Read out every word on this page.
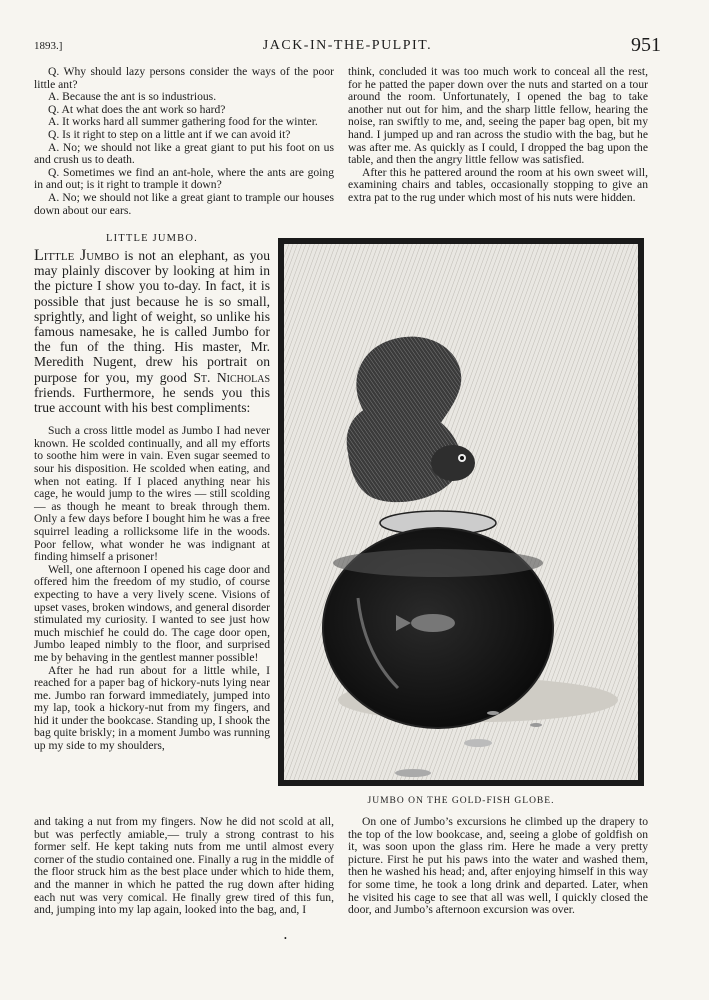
1893.]	JACK-IN-THE-PULPIT.	951

Q. Why should lazy persons consider the ways of the poor little ant?

A. Because the ant is so industrious.

Q. At what does the ant work so hard?

A. It works hard all summer gathering food for the winter.

Q. Is it right to step on a little ant if we can avoid it?

A. No; we should not like a great giant to put his foot on us and crush us to death.

Q. Sometimes we find an ant-hole, where the ants are going in and out; is it right to trample it down?

A. No; we should not like a great giant to trample our houses down about our ears.

think, concluded it was too much work to conceal all the rest, for he patted the paper down over the nuts and started on a tour around the room. Unfortunately, I opened the bag to take another nut out for him, and the sharp little fellow, hearing the noise, ran swiftly to me, and, seeing the paper bag open, bit my hand. I jumped up and ran across the studio with the bag, but he was after me. As quickly as I could, I dropped the bag upon the table, and then the angry little fellow was satisfied.

After this he pattered around the room at his own sweet will, examining chairs and tables, occasionally stopping to give an extra pat to the rug under which most of his nuts were hidden.

LITTLE JUMBO.

Little Jumbo is not an elephant, as you may plainly discover by looking at him in the picture I show you to-day. In fact, it is possible that just because he is so small, sprightly, and light of weight, so unlike his famous namesake, he is called Jumbo for the fun of the thing. His master, Mr. Meredith Nugent, drew his portrait on purpose for you, my good St. Nicholas friends. Furthermore, he sends you this true account with his best compliments:

Such a cross little model as Jumbo I had never known. He scolded continually, and all my efforts to soothe him were in vain. Even sugar seemed to sour his disposition. He scolded when eating, and when not eating. If I placed anything near his cage, he would jump to the wires — still scolding — as though he meant to break through them. Only a few days before I bought him he was a free squirrel leading a rollicksome life in the woods. Poor fellow, what wonder he was indignant at finding himself a prisoner!

Well, one afternoon I opened his cage door and offered him the freedom of my studio, of course expecting to have a very lively scene. Visions of upset vases, broken windows, and general disorder stimulated my curiosity. I wanted to see just how much mischief he could do. The cage door open, Jumbo leaped nimbly to the floor, and surprised me by behaving in the gentlest manner possible!

After he had run about for a little while, I reached for a paper bag of hickory-nuts lying near me. Jumbo ran forward immediately, jumped into my lap, took a hickory-nut from my fingers, and hid it under the bookcase. Standing up, I shook the bag quite briskly; in a moment Jumbo was running up my side to my shoulders,

JUMBO ON THE GOLD-FISH GLOBE.

and taking a nut from my fingers. Now he did not scold at all, but was perfectly amiable,— truly a strong contrast to his former self. He kept taking nuts from me until almost every corner of the studio contained one. Finally a rug in the middle of the floor struck him as the best place under which to hide them, and the manner in which he patted the rug down after hiding each nut was very comical. He finally grew tired of this fun, and, jumping into my lap again, looked into the bag, and, I

On one of Jumbo’s excursions he climbed up the drapery to the top of the low bookcase, and, seeing a globe of goldfish on it, was soon upon the glass rim. Here he made a very pretty picture. First he put his paws into the water and washed them, then he washed his head; and, after enjoying himself in this way for some time, he took a long drink and departed. Later, when he visited his cage to see that all was well, I quickly closed the door, and Jumbo’s afternoon excursion was over.

•
